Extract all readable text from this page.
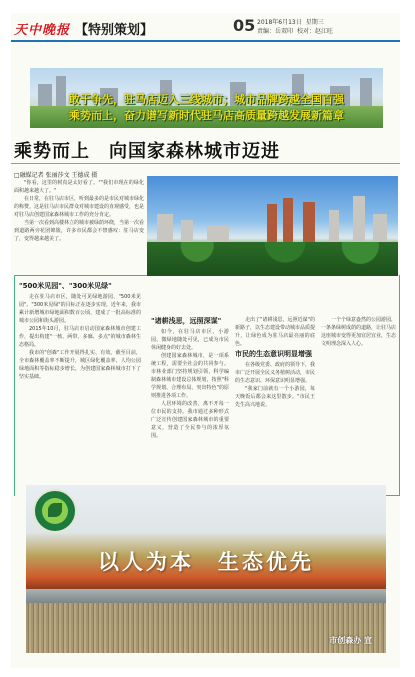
天中晚报 【特别策划】	05 2018年6月13日 星期三
责编：岳双印 校对：赵江旺
敢于争先，驻马店迈入三线城市；城市品牌跨越全国百强
乘势而上，奋力谱写新时代驻马店高质量跨越发展新篇章
乘势而上　向国家森林城市迈进
□融媒记者 张丽莎文 王德成 摄

"你看，这里的树真是太好看了。""我们市现在的绿化面积越来越大了。"

在日常，在驻马店市区，听到最多的是市民对城市绿化的称赞。这是驻马店市民群众对城市建设的直观感受，也是对驻马店创建国家森林城市工作的充分肯定。

当第一次看到高楼林立的城市被绿荫环绕，当第一次看到道路两旁花团锦簇，许多市民都会不禁感叹：驻马店变了，变得越来越美了。

"500米见园"、"300米见绿"

走在驻马店市区，随处可见绿地游园，"500米见园"、"300米见绿"的目标正在逐步实现。近年来，我市累计新增城市绿地面积数百公顷，建成了一批高标准的城市公园和街头游园。

2015年10月，驻马店市启动国家森林城市创建工作，提出构建"一核、两带、多廊、多点"的城市森林生态格局。

我市的"创森"工作开展得扎实、有效。截至目前，全市森林覆盖率不断提升，城区绿化覆盖率、人均公园绿地面积等指标稳步增长，为创建国家森林城市打下了坚实基础。

"诸耕浅思，远照深谋"

如今，在驻马店市区，小游园、微绿地随处可见，已成为市民休闲健身的好去处。

创建国家森林城市，是一项系统工程，需要全社会的共同参与。市林业部门坚持规划引领，科学编制森林城市建设总体规划，按照"科学规划、合理布局、突出特色"的原则推进各项工作。

人居环境的改善，离不开每一位市民的支持。我市通过多种形式广泛宣传创建国家森林城市的重要意义，营造了全民参与的浓厚氛围。

走出了"诸耕浅思，远照近谋"的新路子，以生态建设带动城市品质提升，让绿色成为驻马店最亮丽的底色。

市民的生态意识明显增强

在各级党委、政府的领导下，我市广泛开展全民义务植树活动，市民的生态意识、环保意识明显增强。

"我家门前就有一个小游园，每天晚饭后都会来这里散步。"市民王先生高兴地说。

一个个绿意盎然的公园游园，一条条绿树成荫的道路，让驻马店这座城市变得更加宜居宜业，生态文明理念深入人心。

以人为本　生态优先
市创森办 宣
